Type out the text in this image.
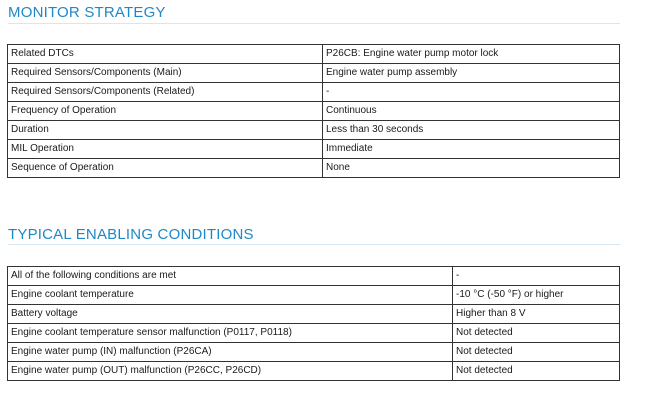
MONITOR STRATEGY
Related DTCs	P26CB: Engine water pump motor lock
Required Sensors/Components (Main)	Engine water pump assembly
Required Sensors/Components (Related)	-
Frequency of Operation	Continuous
Duration	Less than 30 seconds
MIL Operation	Immediate
Sequence of Operation	None
TYPICAL ENABLING CONDITIONS
All of the following conditions are met	-
Engine coolant temperature	-10 °C (-50 °F) or higher
Battery voltage	Higher than 8 V
Engine coolant temperature sensor malfunction (P0117, P0118)	Not detected
Engine water pump (IN) malfunction (P26CA)	Not detected
Engine water pump (OUT) malfunction (P26CC, P26CD)	Not detected
